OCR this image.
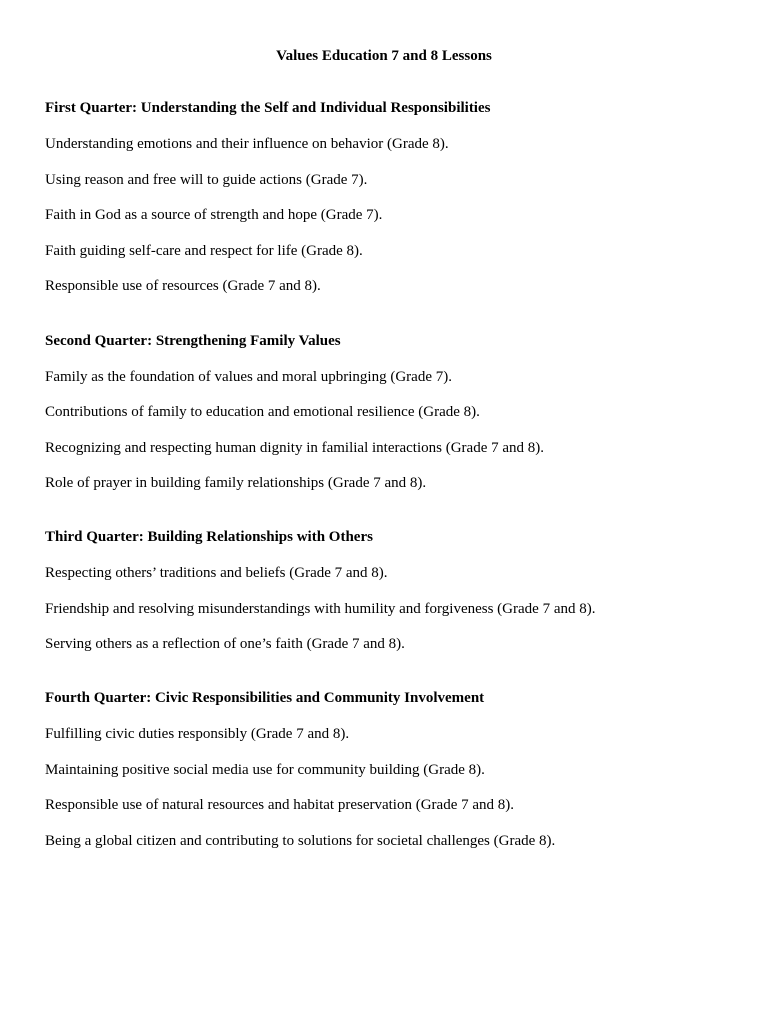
Values Education 7 and 8 Lessons

First Quarter: Understanding the Self and Individual Responsibilities

Understanding emotions and their influence on behavior (Grade 8).

Using reason and free will to guide actions (Grade 7).

Faith in God as a source of strength and hope (Grade 7).

Faith guiding self-care and respect for life (Grade 8).

Responsible use of resources (Grade 7 and 8).

Second Quarter: Strengthening Family Values

Family as the foundation of values and moral upbringing (Grade 7).

Contributions of family to education and emotional resilience (Grade 8).

Recognizing and respecting human dignity in familial interactions (Grade 7 and 8).

Role of prayer in building family relationships (Grade 7 and 8).

Third Quarter: Building Relationships with Others

Respecting others’ traditions and beliefs (Grade 7 and 8).

Friendship and resolving misunderstandings with humility and forgiveness (Grade 7 and 8).

Serving others as a reflection of one’s faith (Grade 7 and 8).

Fourth Quarter: Civic Responsibilities and Community Involvement

Fulfilling civic duties responsibly (Grade 7 and 8).

Maintaining positive social media use for community building (Grade 8).

Responsible use of natural resources and habitat preservation (Grade 7 and 8).

Being a global citizen and contributing to solutions for societal challenges (Grade 8).
